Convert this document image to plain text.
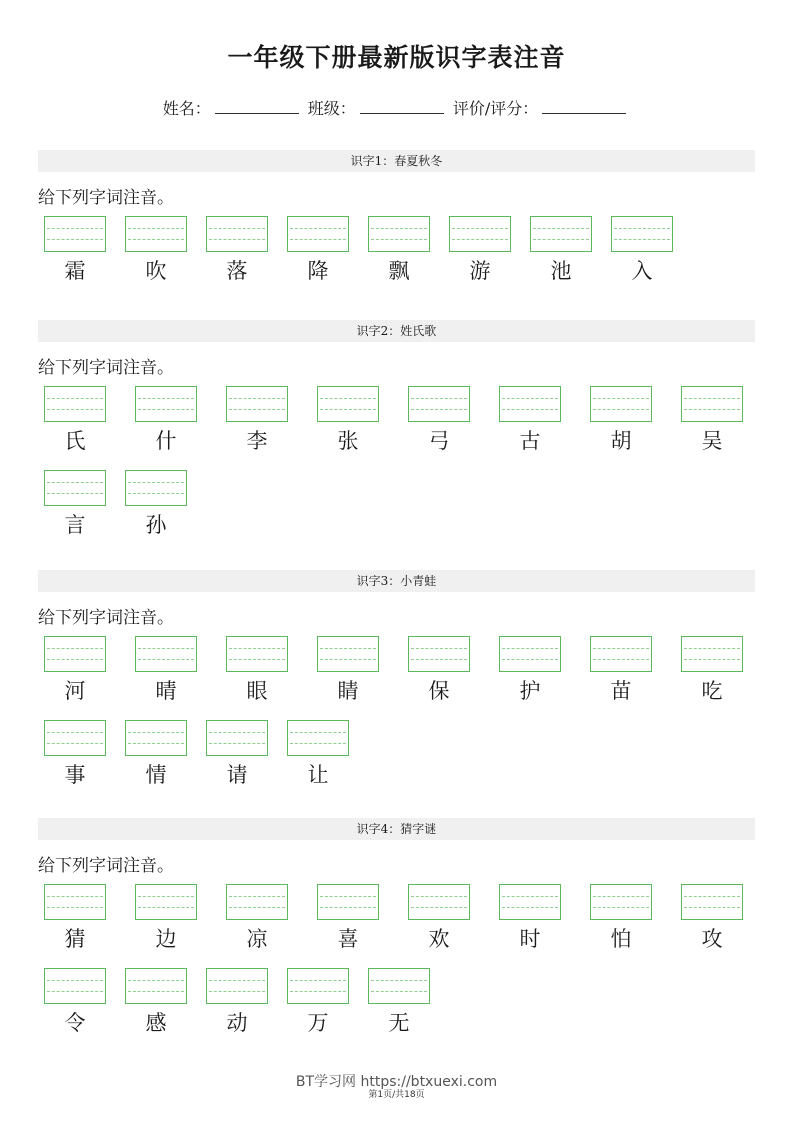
一年级下册最新版识字表注音
姓名：	班级：	评价/评分：
识字1：春夏秋冬
给下列字词注音。
霜	吹	落	降	飘	游	池	入
识字2：姓氏歌
给下列字词注音。
氏	什	李	张	弓	古	胡	吴
言	孙
识字3：小青蛙
给下列字词注音。
河	晴	眼	睛	保	护	苗	吃
事	情	请	让
识字4：猜字谜
给下列字词注音。
猜	边	凉	喜	欢	时	怕	攻
令	感	动	万	无
BT学习网 https://btxuexi.com
第1页/共18页
